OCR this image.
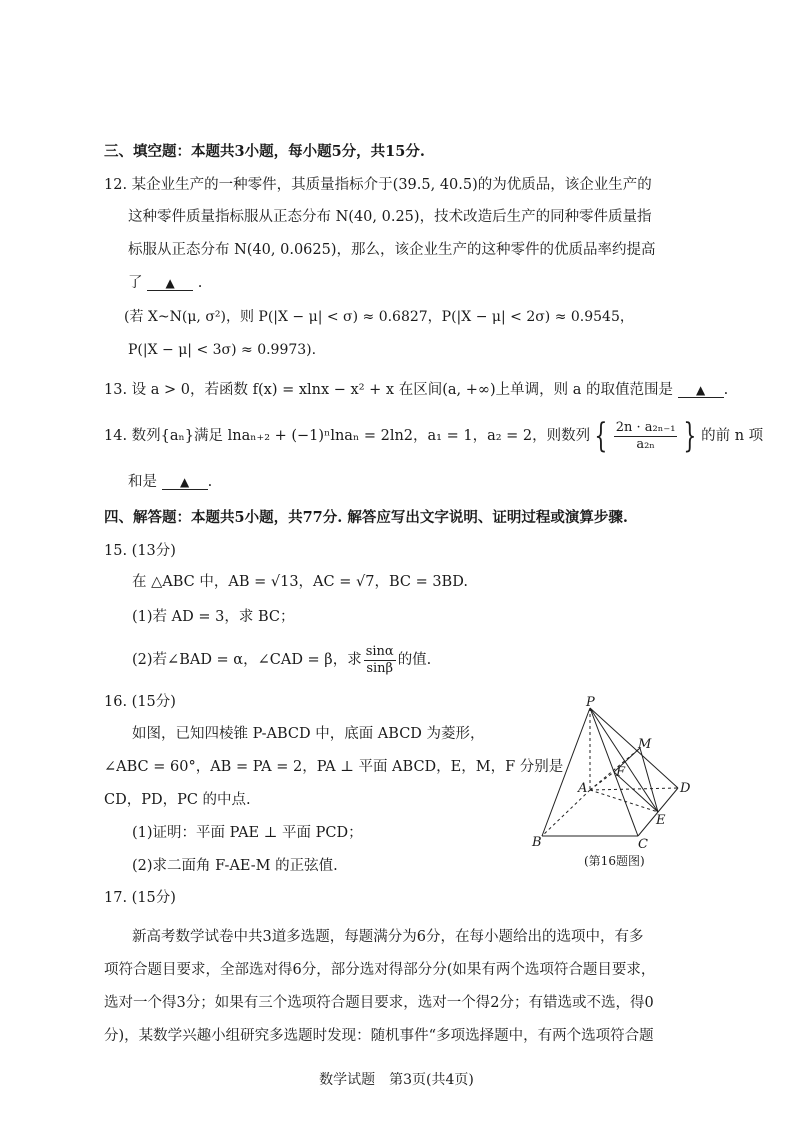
三、填空题：本题共3小题，每小题5分，共15分.
12. 某企业生产的一种零件，其质量指标介于(39.5, 40.5)的为优质品，该企业生产的
这种零件质量指标服从正态分布 N(40, 0.25)，技术改造后生产的同种零件质量指
标服从正态分布 N(40, 0.0625)，那么，该企业生产的这种零件的优质品率约提高
了 ▲ .
(若 X~N(μ, σ²)，则 P(|X − μ| < σ) ≈ 0.6827，P(|X − μ| < 2σ) ≈ 0.9545，
P(|X − μ| < 3σ) ≈ 0.9973).
13. 设 a > 0，若函数 f(x) = xlnx − x² + x 在区间(a, +∞)上单调，则 a 的取值范围是 ▲ .
14. 数列{aₙ}满足 lnaₙ₊₂ + (−1)ⁿlnaₙ = 2ln2，a₁ = 1，a₂ = 2，则数列 { $\frac{\text{2n · a₂ₙ₋₁}}{\text{a₂ₙ}}$ } 的前 n 项
和是 ▲ .
四、解答题：本题共5小题，共77分. 解答应写出文字说明、证明过程或演算步骤.
15. (13分)
在 △ABC 中，AB = √13，AC = √7，BC = 3BD.
(1)若 AD = 3，求 BC；
(2)若∠BAD = α，∠CAD = β，求 $\frac{\sin\alpha}{\sin\beta}$ 的值.
16. (15分)
如图，已知四棱锥 P-ABCD 中，底面 ABCD 为菱形，
∠ABC = 60°，AB = PA = 2，PA ⊥ 平面 ABCD，E，M，F 分别是
CD，PD，PC 的中点.
(1)证明：平面 PAE ⊥ 平面 PCD；
(2)求二面角 F-AE-M 的正弦值.
P
M
F
A	D
E
B	C
(第16题图)
17. (15分)
新高考数学试卷中共3道多选题，每题满分为6分，在每小题给出的选项中，有多
项符合题目要求，全部选对得6分，部分选对得部分分(如果有两个选项符合题目要求，
选对一个得3分；如果有三个选项符合题目要求，选对一个得2分；有错选或不选，得0
分)，某数学兴趣小组研究多选题时发现：随机事件“多项选择题中，有两个选项符合题
数学试题　第3页(共4页)
